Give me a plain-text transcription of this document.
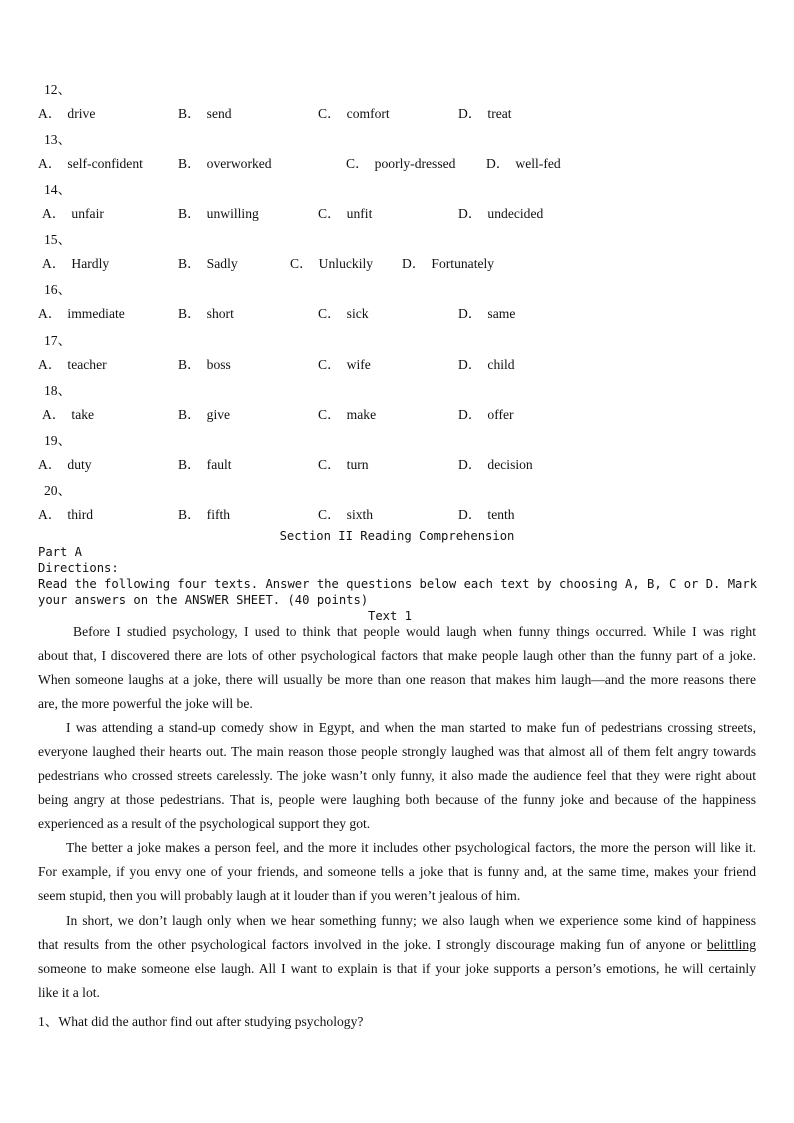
12、
A． drive	B． send	C． comfort	D． treat
13、
A． self-confident	B． overworked	C． poorly-dressed D． well-fed
14、
A． unfair	B． unwilling	C． unfit	D． undecided
15、
A． Hardly	B． Sadly	C． Unluckily D． Fortunately
16、
A． immediate	B． short	C． sick	D． same
17、
A． teacher	B． boss	C． wife	D． child
18、
A． take	B． give	C． make	D． offer
19、
A． duty	B． fault	C． turn	D． decision
20、
A． third	B． fifth	C． sixth	D． tenth
Section II Reading Comprehension
Part A
Directions:
Read the following four texts. Answer the questions below each text by choosing A, B, C or D. Mark
your answers on the ANSWER SHEET. (40 points)
Text 1
Before I studied psychology, I used to think that people would laugh when funny things occurred. While I was right
about that, I discovered there are lots of other psychological factors that make people laugh other than the funny part of a joke.
When someone laughs at a joke, there will usually be more than one reason that makes him laugh—and the more reasons there
are, the more powerful the joke will be.
I was attending a stand-up comedy show in Egypt, and when the man started to make fun of pedestrians crossing streets,
everyone laughed their hearts out. The main reason those people strongly laughed was that almost all of them felt angry towards
pedestrians who crossed streets carelessly. The joke wasn’t only funny, it also made the audience feel that they were right about
being angry at those pedestrians. That is, people were laughing both because of the funny joke and because of the happiness
experienced as a result of the psychological support they got.
The better a joke makes a person feel, and the more it includes other psychological factors, the more the person will like it.
For example, if you envy one of your friends, and someone tells a joke that is funny and, at the same time, makes your friend
seem stupid, then you will probably laugh at it louder than if you weren’t jealous of him.
In short, we don’t laugh only when we hear something funny; we also laugh when we experience some kind of happiness
that results from the other psychological factors involved in the joke. I strongly discourage making fun of anyone or belittling
someone to make someone else laugh. All I want to explain is that if your joke supports a person’s emotions, he will certainly
like it a lot.
1、What did the author find out after studying psychology?
